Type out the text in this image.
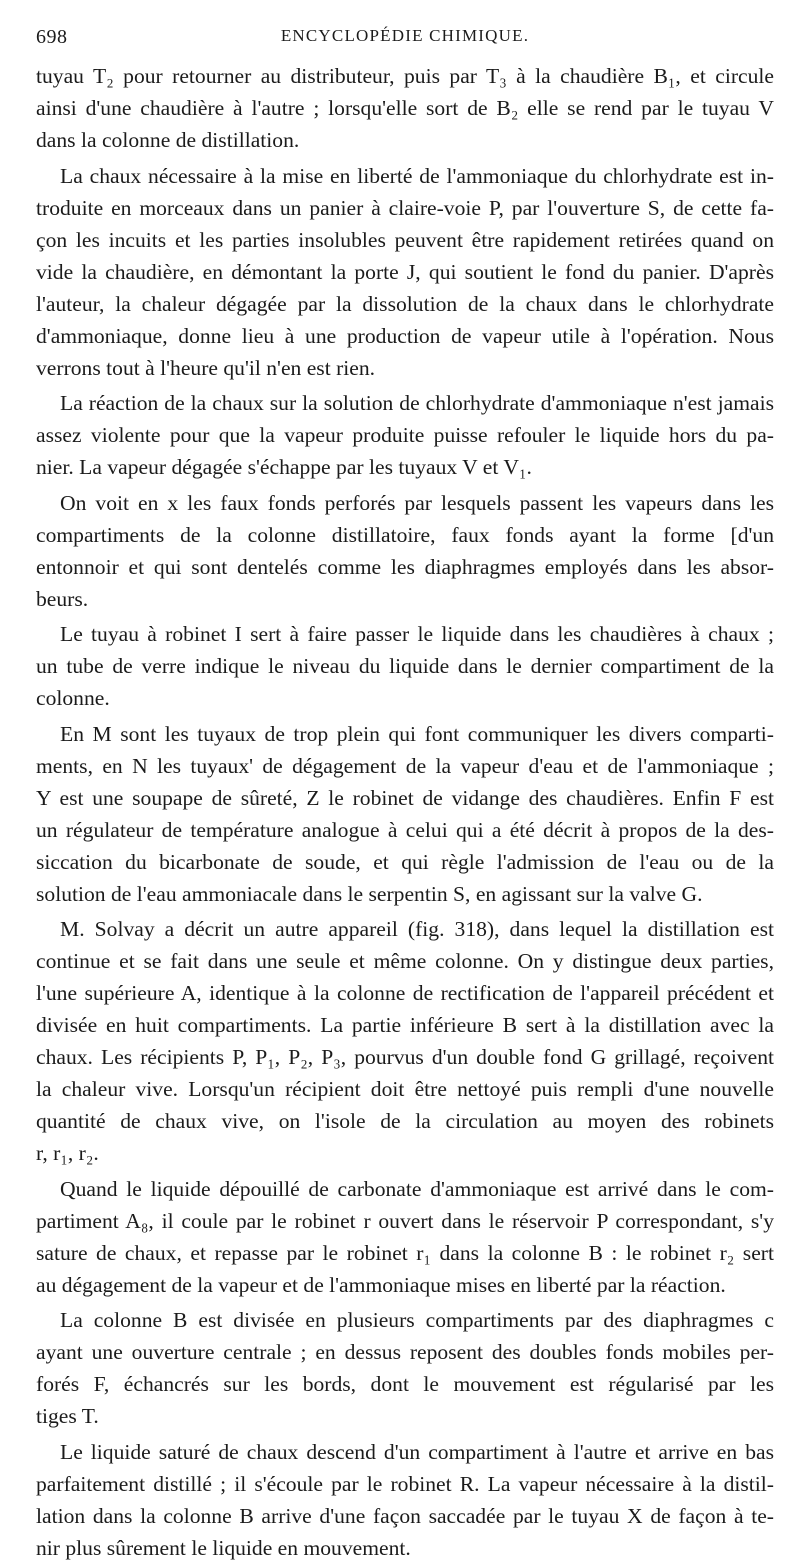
698	ENCYCLOPÉDIE CHIMIQUE.
tuyau T₂ pour retourner au distributeur, puis par T₃ à la chaudière B₁, et circule
ainsi d'une chaudière à l'autre ; lorsqu'elle sort de B₂ elle se rend par le tuyau V
dans la colonne de distillation.
La chaux nécessaire à la mise en liberté de l'ammoniaque du chlorhydrate est in-
troduite en morceaux dans un panier à claire-voie P, par l'ouverture S, de cette fa-
çon les incuits et les parties insolubles peuvent être rapidement retirées quand on
vide la chaudière, en démontant la porte J, qui soutient le fond du panier. D'après
l'auteur, la chaleur dégagée par la dissolution de la chaux dans le chlorhydrate
d'ammoniaque, donne lieu à une production de vapeur utile à l'opération. Nous
verrons tout à l'heure qu'il n'en est rien.
La réaction de la chaux sur la solution de chlorhydrate d'ammoniaque n'est jamais
assez violente pour que la vapeur produite puisse refouler le liquide hors du pa-
nier. La vapeur dégagée s'échappe par les tuyaux V et V₁.
On voit en x les faux fonds perforés par lesquels passent les vapeurs dans les
compartiments de la colonne distillatoire, faux fonds ayant la forme [d'un
entonnoir et qui sont dentelés comme les diaphragmes employés dans les absor-
beurs.
Le tuyau à robinet I sert à faire passer le liquide dans les chaudières à chaux ;
un tube de verre indique le niveau du liquide dans le dernier compartiment de la
colonne.
En M sont les tuyaux de trop plein qui font communiquer les divers comparti-
ments, en N les tuyaux' de dégagement de la vapeur d'eau et de l'ammoniaque ;
Y est une soupape de sûreté, Z le robinet de vidange des chaudières. Enfin F est
un régulateur de température analogue à celui qui a été décrit à propos de la des-
siccation du bicarbonate de soude, et qui règle l'admission de l'eau ou de la
solution de l'eau ammoniacale dans le serpentin S, en agissant sur la valve G.
M. Solvay a décrit un autre appareil (fig. 318), dans lequel la distillation est
continue et se fait dans une seule et même colonne. On y distingue deux parties,
l'une supérieure A, identique à la colonne de rectification de l'appareil précédent et
divisée en huit compartiments. La partie inférieure B sert à la distillation avec la
chaux. Les récipients P, P₁, P₂, P₃, pourvus d'un double fond G grillagé, reçoivent
la chaleur vive. Lorsqu'un récipient doit être nettoyé puis rempli d'une nouvelle
quantité de chaux vive, on l'isole de la circulation au moyen des robinets
r, r₁, r₂.
Quand le liquide dépouillé de carbonate d'ammoniaque est arrivé dans le com-
partiment A₈, il coule par le robinet r ouvert dans le réservoir P correspondant, s'y
sature de chaux, et repasse par le robinet r₁ dans la colonne B : le robinet r₂ sert
au dégagement de la vapeur et de l'ammoniaque mises en liberté par la réaction.
La colonne B est divisée en plusieurs compartiments par des diaphragmes c
ayant une ouverture centrale ; en dessus reposent des doubles fonds mobiles per-
forés F, échancrés sur les bords, dont le mouvement est régularisé par les
tiges T.
Le liquide saturé de chaux descend d'un compartiment à l'autre et arrive en bas
parfaitement distillé ; il s'écoule par le robinet R. La vapeur nécessaire à la distil-
lation dans la colonne B arrive d'une façon saccadée par le tuyau X de façon à te-
nir plus sûrement le liquide en mouvement.
